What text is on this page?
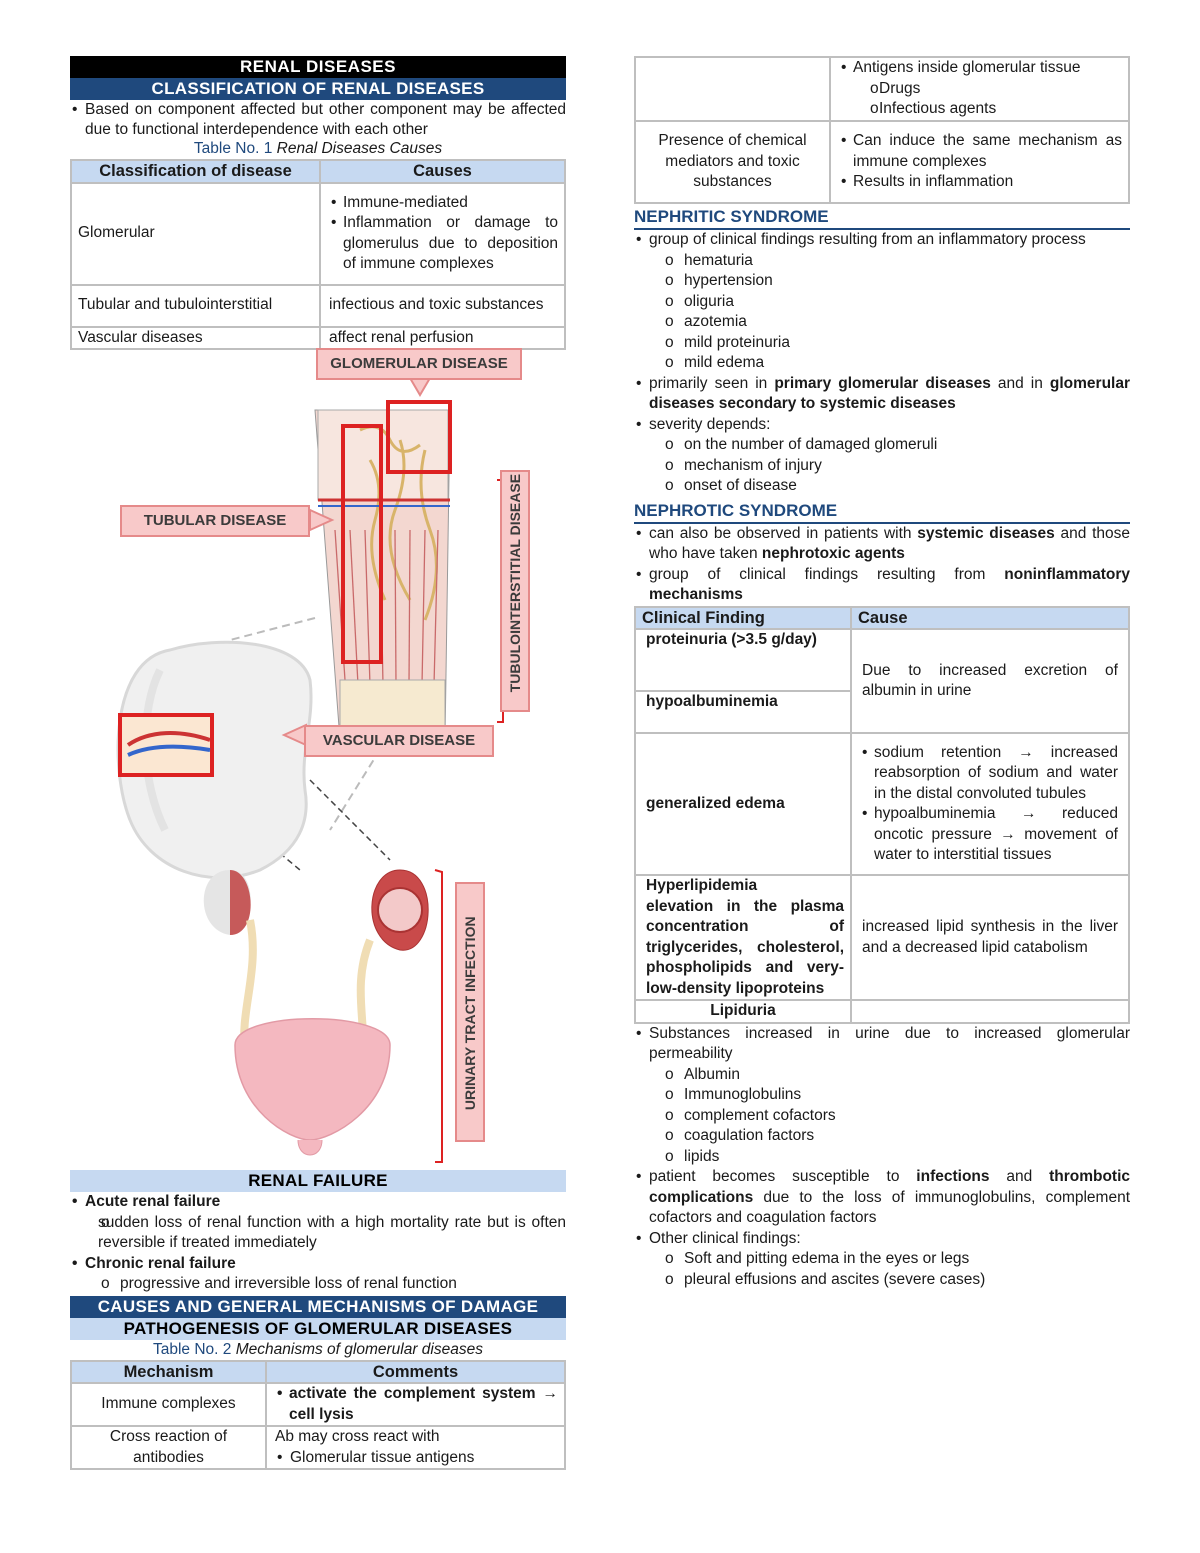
RENAL DISEASES
CLASSIFICATION OF RENAL DISEASES
• Based on component affected but other component may be affected due to functional interdependence with each other
Table No. 1 Renal Diseases Causes
Classification of disease	Causes
Glomerular	• Immune-mediated
• Inflammation or damage to glomerulus due to deposition of immune complexes

Tubular and tubulointerstitial	infectious and toxic substances
Vascular diseases	affect renal perfusion
GLOMERULAR DISEASE
TUBULAR DISEASE
VASCULAR DISEASE
TUBULOINTERSTITIAL DISEASE
URINARY TRACT INFECTION
RENAL FAILURE
• Acute renal failure
o sudden loss of renal function with a high mortality rate but is often reversible if treated immediately
• Chronic renal failure
o progressive and irreversible loss of renal function
CAUSES AND GENERAL MECHANISMS OF DAMAGE
PATHOGENESIS OF GLOMERULAR DISEASES
Table No. 2 Mechanisms of glomerular diseases
Mechanism	Comments
Immune complexes	• activate the complement system → cell lysis

Cross reaction of antibodies	Ab may cross react with
• Glomerular tissue antigens

	• Antigens inside glomerular tissue
o Drugs
o Infectious agents

Presence of chemical mediators and toxic substances	• Can induce the same mechanism as immune complexes
• Results in inflammation
NEPHRITIC SYNDROME
• group of clinical findings resulting from an inflammatory process
o hematuria
o hypertension
o oliguria
o azotemia
o mild proteinuria
o mild edema
• primarily seen in primary glomerular diseases and in glomerular diseases secondary to systemic diseases
• severity depends:
o on the number of damaged glomeruli
o mechanism of injury
o onset of disease
NEPHROTIC SYNDROME
• can also be observed in patients with systemic diseases and those who have taken nephrotoxic agents
• group of clinical findings resulting from noninflammatory mechanisms
Clinical Finding	Cause
proteinuria (>3.5 g/day)	Due to increased excretion of albumin in urine
hypoalbuminemia	
generalized edema	• sodium retention → increased reabsorption of sodium and water in the distal convoluted tubules
• hypoalbuminemia → reduced oncotic pressure → movement of water to interstitial tissues

Hyperlipidemia
elevation in the plasma concentration of triglycerides, cholesterol, phospholipids and very-low-density lipoproteins	increased lipid synthesis in the liver and a decreased lipid catabolism
Lipiduria	
• Substances increased in urine due to increased glomerular permeability
o Albumin
o Immunoglobulins
o complement cofactors
o coagulation factors
o lipids
• patient becomes susceptible to infections and thrombotic complications due to the loss of immunoglobulins, complement cofactors and coagulation factors
• Other clinical findings:
o Soft and pitting edema in the eyes or legs
o pleural effusions and ascites (severe cases)
